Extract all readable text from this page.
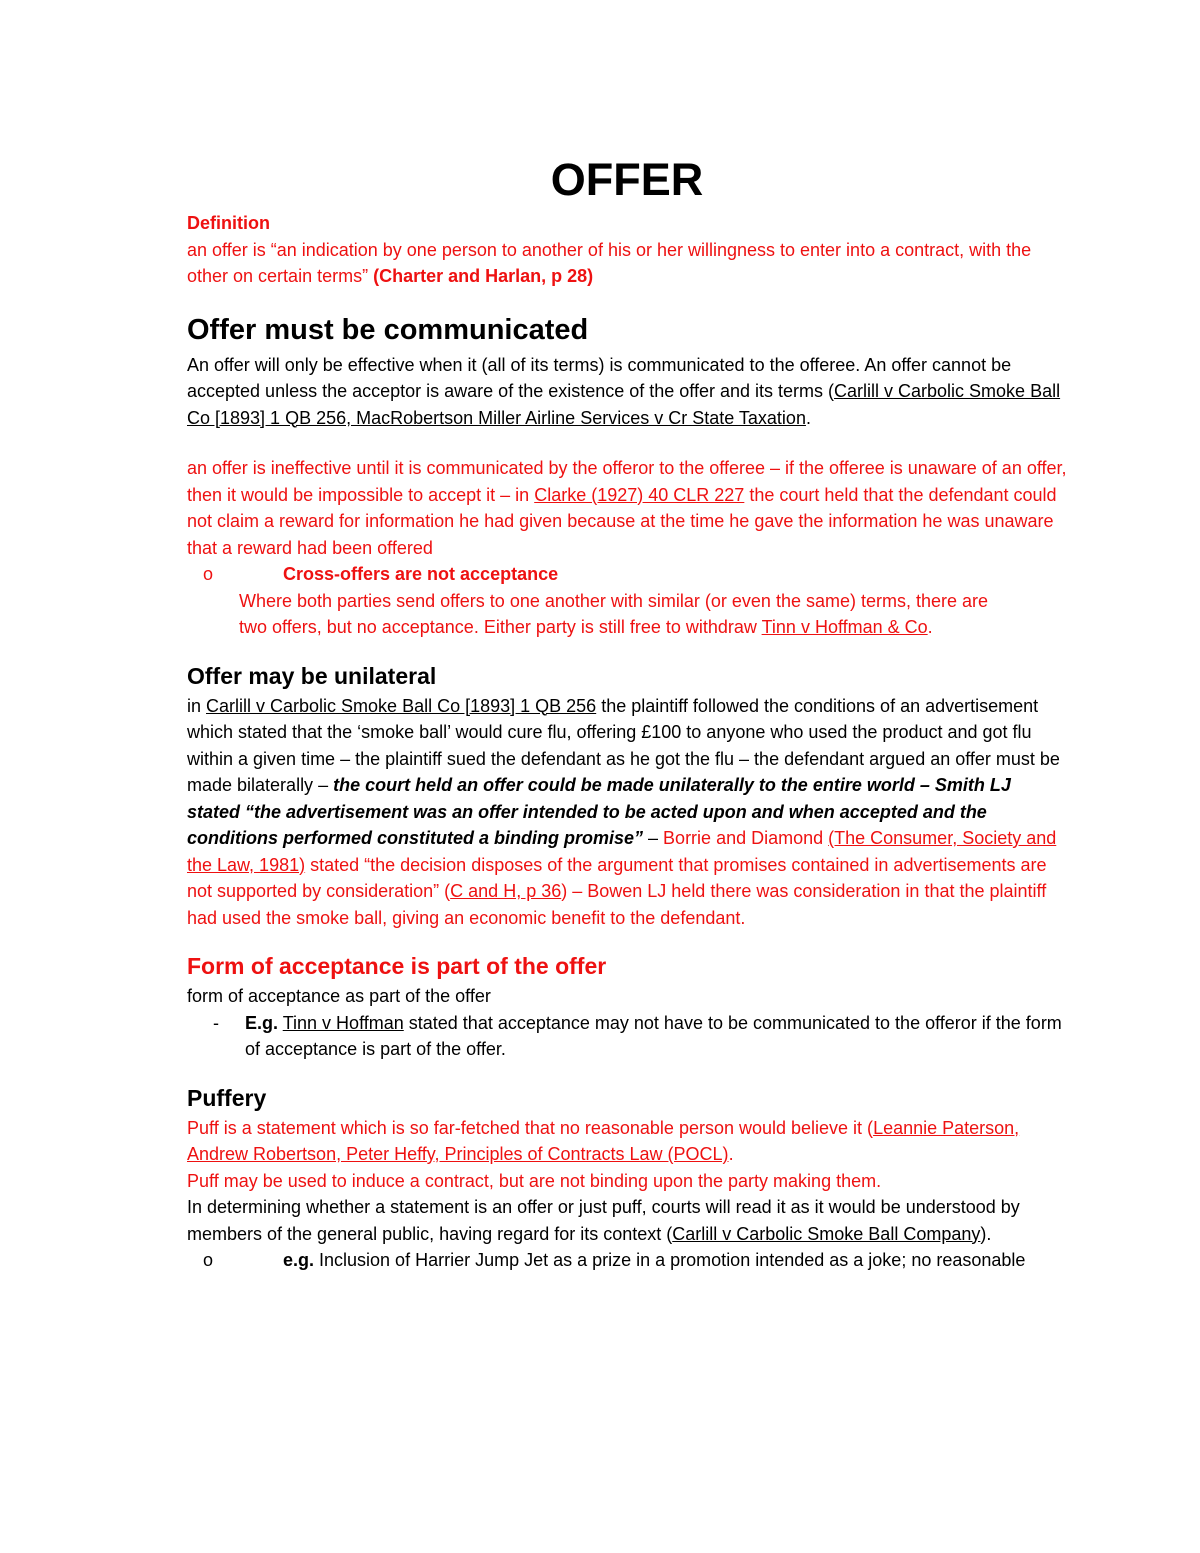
OFFER

Definition

an offer is “an indication by one person to another of his or her willingness to enter into a contract, with the other on certain terms” (Charter and Harlan, p 28)

Offer must be communicated

An offer will only be effective when it (all of its terms) is communicated to the offeree. An offer cannot be accepted unless the acceptor is aware of the existence of the offer and its terms (Carlill v Carbolic Smoke Ball Co [1893] 1 QB 256, MacRobertson Miller Airline Services v Cr State Taxation.

an offer is ineffective until it is communicated by the offeror to the offeree – if the offeree is unaware of an offer, then it would be impossible to accept it – in Clarke (1927) 40 CLR 227 the court held that the defendant could not claim a reward for information he had given because at the time he gave the information he was unaware that a reward had been offered

o	Cross-offers are not acceptance

Where both parties send offers to one another with similar (or even the same) terms, there are

two offers, but no acceptance. Either party is still free to withdraw Tinn v Hoffman & Co.

Offer may be unilateral

in Carlill v Carbolic Smoke Ball Co [1893] 1 QB 256 the plaintiff followed the conditions of an advertisement which stated that the ‘smoke ball’ would cure flu, offering £100 to anyone who used the product and got flu within a given time – the plaintiff sued the defendant as he got the flu – the defendant argued an offer must be made bilaterally – the court held an offer could be made unilaterally to the entire world – Smith LJ stated “the advertisement was an offer intended to be acted upon and when accepted and the conditions performed constituted a binding promise” – Borrie and Diamond (The Consumer, Society and the Law, 1981) stated “the decision disposes of the argument that promises contained in advertisements are not supported by consideration” (C and H, p 36) – Bowen LJ held there was consideration in that the plaintiff had used the smoke ball, giving an economic benefit to the defendant.

Form of acceptance is part of the offer

form of acceptance as part of the offer

- E.g. Tinn v Hoffman stated that acceptance may not have to be communicated to the offeror if the form of acceptance is part of the offer.
Puffery

Puff is a statement which is so far-fetched that no reasonable person would believe it (Leannie Paterson, Andrew Robertson, Peter Heffy, Principles of Contracts Law (POCL).

Puff may be used to induce a contract, but are not binding upon the party making them.

In determining whether a statement is an offer or just puff, courts will read it as it would be understood by members of the general public, having regard for its context (Carlill v Carbolic Smoke Ball Company).

o	e.g. Inclusion of Harrier Jump Jet as a prize in a promotion intended as a joke; no reasonable
